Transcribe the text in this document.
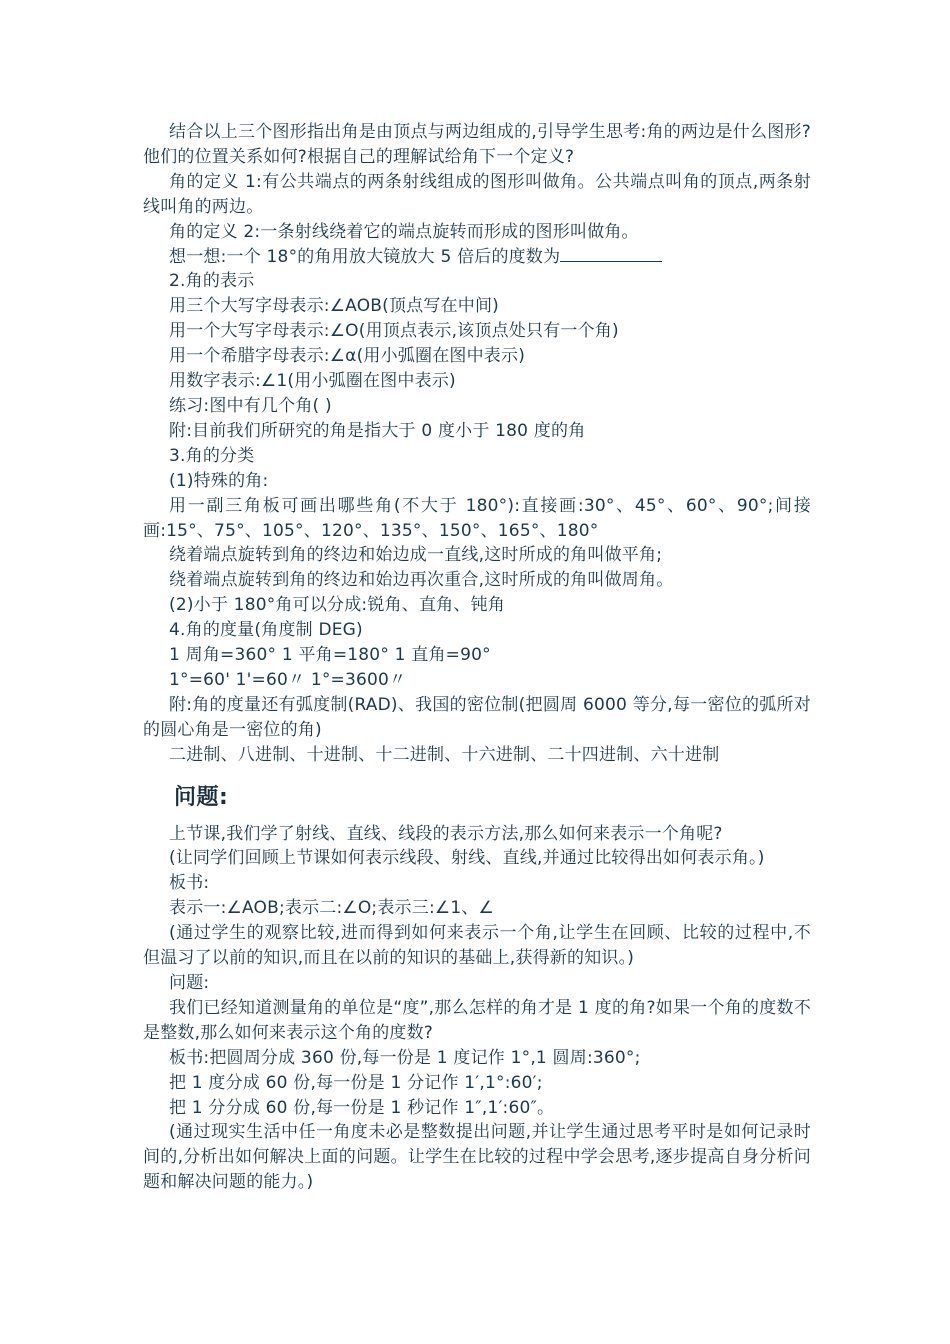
结合以上三个图形指出角是由顶点与两边组成的,引导学生思考:角的两边是什么图形?他们的位置关系如何?根据自己的理解试给角下一个定义?

角的定义 1:有公共端点的两条射线组成的图形叫做角。公共端点叫角的顶点,两条射线叫角的两边。

角的定义 2:一条射线绕着它的端点旋转而形成的图形叫做角。

想一想:一个 18°的角用放大镜放大 5 倍后的度数为

2.角的表示

用三个大写字母表示:∠AOB(顶点写在中间)

用一个大写字母表示:∠O(用顶点表示,该顶点处只有一个角)

用一个希腊字母表示:∠α(用小弧圈在图中表示)

用数字表示:∠1(用小弧圈在图中表示)

练习:图中有几个角( )

附:目前我们所研究的角是指大于 0 度小于 180 度的角

3.角的分类

(1)特殊的角:

用一副三角板可画出哪些角(不大于 180°):直接画:30°、45°、60°、90°;间接画:15°、75°、105°、120°、135°、150°、165°、180°

绕着端点旋转到角的终边和始边成一直线,这时所成的角叫做平角;

绕着端点旋转到角的终边和始边再次重合,这时所成的角叫做周角。

(2)小于 180°角可以分成:锐角、直角、钝角

4.角的度量(角度制 DEG)

1 周角=360° 1 平角=180° 1 直角=90°

1°=60' 1'=60〃 1°=3600〃

附:角的度量还有弧度制(RAD)、我国的密位制(把圆周 6000 等分,每一密位的弧所对的圆心角是一密位的角)

二进制、八进制、十进制、十二进制、十六进制、二十四进制、六十进制

问题:

上节课,我们学了射线、直线、线段的表示方法,那么如何来表示一个角呢?

(让同学们回顾上节课如何表示线段、射线、直线,并通过比较得出如何表示角。)

板书:

表示一:∠AOB;表示二:∠O;表示三:∠1、∠

(通过学生的观察比较,进而得到如何来表示一个角,让学生在回顾、比较的过程中,不但温习了以前的知识,而且在以前的知识的基础上,获得新的知识。)

问题:

我们已经知道测量角的单位是“度”,那么怎样的角才是 1 度的角?如果一个角的度数不是整数,那么如何来表示这个角的度数?

板书:把圆周分成 360 份,每一份是 1 度记作 1°,1 圆周:360°;

把 1 度分成 60 份,每一份是 1 分记作 1′,1°:60′;

把 1 分分成 60 份,每一份是 1 秒记作 1″,1′:60″。

(通过现实生活中任一角度未必是整数提出问题,并让学生通过思考平时是如何记录时间的,分析出如何解决上面的问题。让学生在比较的过程中学会思考,逐步提高自身分析问题和解决问题的能力。)
